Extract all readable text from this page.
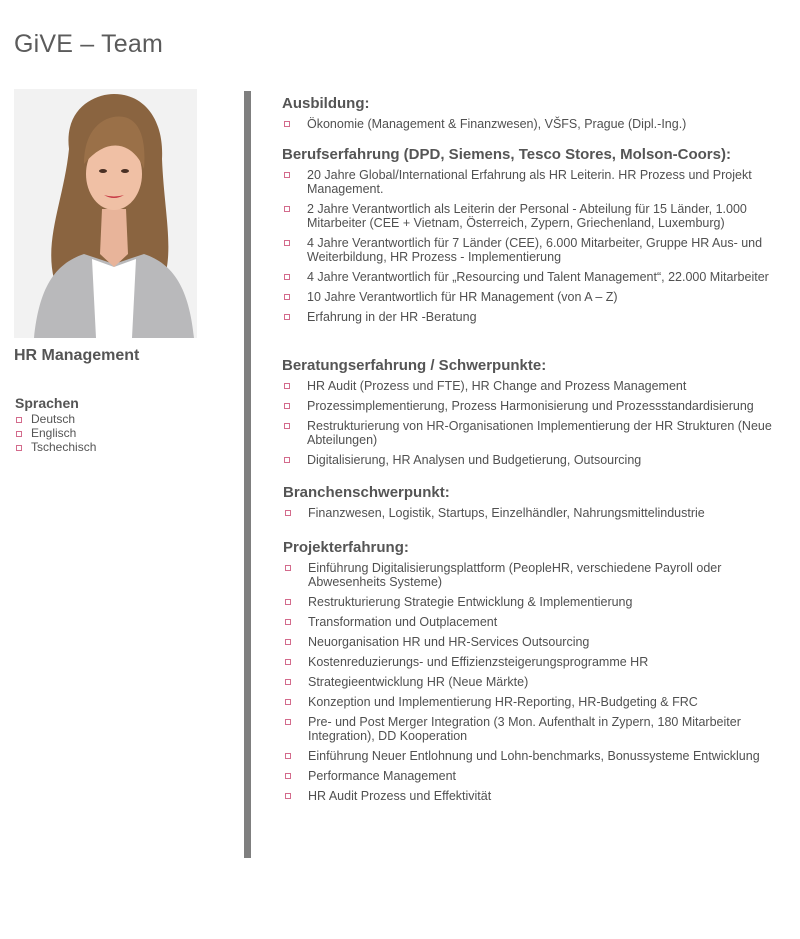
GiVE – Team
HR Management
Sprachen
Deutsch
Englisch
Tschechisch
Ausbildung:
Ökonomie (Management & Finanzwesen), VŠFS, Prague (Dipl.-Ing.)
Berufserfahrung (DPD, Siemens, Tesco Stores, Molson-Coors):
20 Jahre Global/International Erfahrung als HR Leiterin. HR Prozess und Projekt Management.
2 Jahre Verantwortlich als Leiterin der Personal - Abteilung für 15 Länder, 1.000 Mitarbeiter (CEE + Vietnam, Österreich, Zypern, Griechenland, Luxemburg)
4 Jahre Verantwortlich für 7 Länder (CEE), 6.000 Mitarbeiter, Gruppe HR Aus- und Weiterbildung, HR Prozess - Implementierung
4 Jahre Verantwortlich für „Resourcing und Talent Management“, 22.000 Mitarbeiter
10 Jahre Verantwortlich für HR Management (von A – Z)
Erfahrung in der HR -Beratung
Beratungserfahrung / Schwerpunkte:
HR Audit (Prozess und FTE), HR Change and Prozess Management
Prozessimplementierung, Prozess Harmonisierung und Prozessstandardisierung
Restrukturierung von HR-Organisationen Implementierung der HR Strukturen (Neue Abteilungen)
Digitalisierung, HR Analysen und Budgetierung, Outsourcing
Branchenschwerpunkt:
Finanzwesen, Logistik, Startups, Einzelhändler, Nahrungsmittelindustrie
Projekterfahrung:
Einführung Digitalisierungsplattform (PeopleHR, verschiedene Payroll oder Abwesenheits Systeme)
Restrukturierung Strategie Entwicklung & Implementierung
Transformation und Outplacement
Neuorganisation HR und HR-Services Outsourcing
Kostenreduzierungs- und Effizienzsteigerungsprogramme HR
Strategieentwicklung HR (Neue Märkte)
Konzeption und Implementierung HR-Reporting, HR-Budgeting & FRC
Pre- und Post Merger Integration (3 Mon. Aufenthalt in Zypern, 180 Mitarbeiter Integration), DD Kooperation
Einführung Neuer Entlohnung und Lohn-benchmarks, Bonussysteme Entwicklung
Performance Management
HR Audit Prozess und Effektivität
